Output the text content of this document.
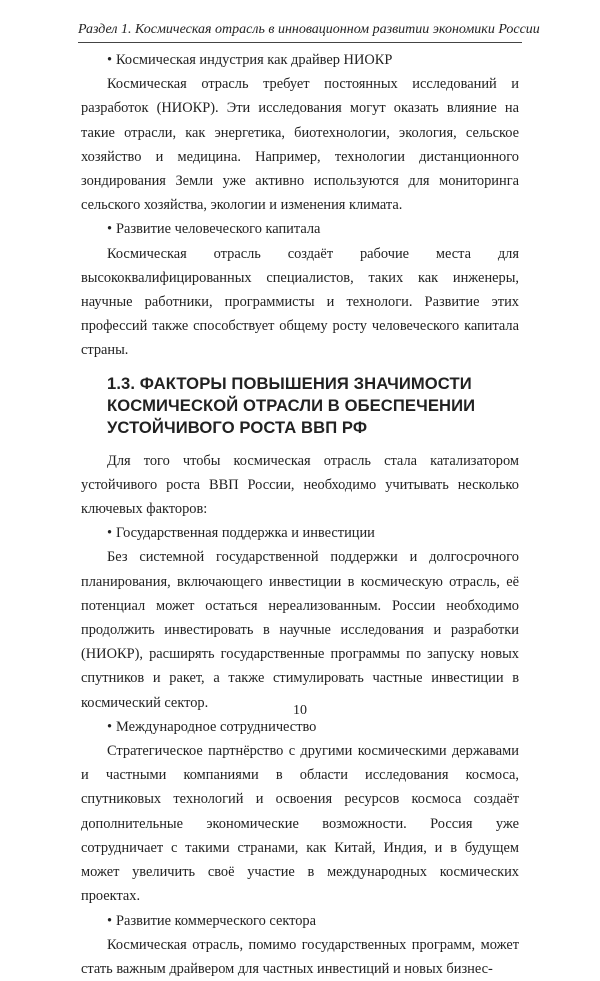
Раздел 1. Космическая отрасль в инновационном развитии экономики России
• Космическая индустрия как драйвер НИОКР

Космическая отрасль требует постоянных исследований и разработок (НИОКР). Эти исследования могут оказать влияние на такие отрасли, как энергетика, биотехнологии, экология, сельское хозяйство и медицина. Например, технологии дистанционного зондирования Земли уже активно используются для мониторинга сельского хозяйства, экологии и изменения климата.

• Развитие человеческого капитала

Космическая отрасль создаёт рабочие места для высококвалифицированных специалистов, таких как инженеры, научные работники, программисты и технологи. Развитие этих профессий также способствует общему росту человеческого капитала страны.

1.3. ФАКТОРЫ ПОВЫШЕНИЯ ЗНАЧИМОСТИ
КОСМИЧЕСКОЙ ОТРАСЛИ В ОБЕСПЕЧЕНИИ
УСТОЙЧИВОГО РОСТА ВВП РФ

Для того чтобы космическая отрасль стала катализатором устойчивого роста ВВП России, необходимо учитывать несколько ключевых факторов:

• Государственная поддержка и инвестиции

Без системной государственной поддержки и долгосрочного планирования, включающего инвестиции в космическую отрасль, её потенциал может остаться нереализованным. России необходимо продолжить инвестировать в научные исследования и разработки (НИОКР), расширять государственные программы по запуску новых спутников и ракет, а также стимулировать частные инвестиции в космический сектор.

• Международное сотрудничество

Стратегическое партнёрство с другими космическими державами и частными компаниями в области исследования космоса, спутниковых технологий и освоения ресурсов космоса создаёт дополнительные экономические возможности. Россия уже сотрудничает с такими странами, как Китай, Индия, и в будущем может увеличить своё участие в международных космических проектах.

• Развитие коммерческого сектора

Космическая отрасль, помимо государственных программ, может стать важным драйвером для частных инвестиций и новых бизнес-

10
